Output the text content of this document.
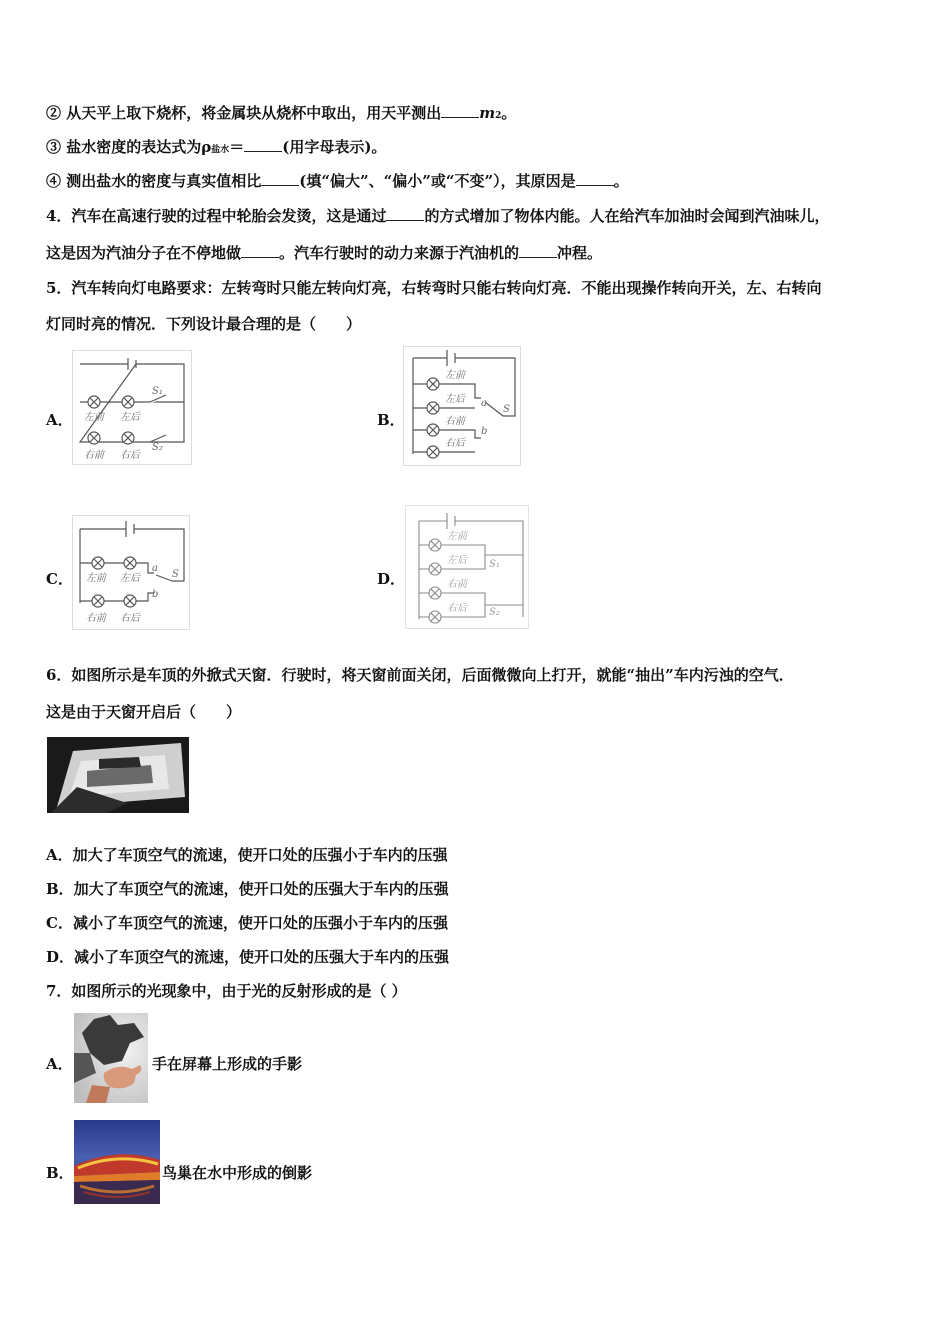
② 从天平上取下烧杯，将金属块从烧杯中取出，用天平测出	m2。
③ 盐水密度的表达式为ρ盐水＝	(用字母表示)。
④ 测出盐水的密度与真实值相比	(填“偏大”、“偏小”或“不变”），其原因是	。
4．汽车在高速行驶的过程中轮胎会发烫，这是通过	的方式增加了物体内能。人在给汽车加油时会闻到汽油味儿，
这是因为汽油分子在不停地做	。汽车行驶时的动力来源于汽油机的	冲程。
5．汽车转向灯电路要求：左转弯时只能左转向灯亮，右转弯时只能右转向灯亮．不能出现操作转向开关，左、右转向
灯同时亮的情况．下列设计最合理的是（　　）
A．	B．
C．	D．
左前 左后
右前 右后
S₁
S₂
左前
左后
右前
右后
a
b
S
左前 左后
右前 右后
a
b
S
左前
左后
右前
右后
S₁
S₂
6．如图所示是车顶的外掀式天窗．行驶时，将天窗前面关闭，后面微微向上打开，就能“抽出”车内污浊的空气．
这是由于天窗开启后（　　）
A．加大了车顶空气的流速，使开口处的压强小于车内的压强
B．加大了车顶空气的流速，使开口处的压强大于车内的压强
C．减小了车顶空气的流速，使开口处的压强小于车内的压强
D．减小了车顶空气的流速，使开口处的压强大于车内的压强
7．如图所示的光现象中，由于光的反射形成的是（ ）
A．	手在屏幕上形成的手影
B．	鸟巢在水中形成的倒影
